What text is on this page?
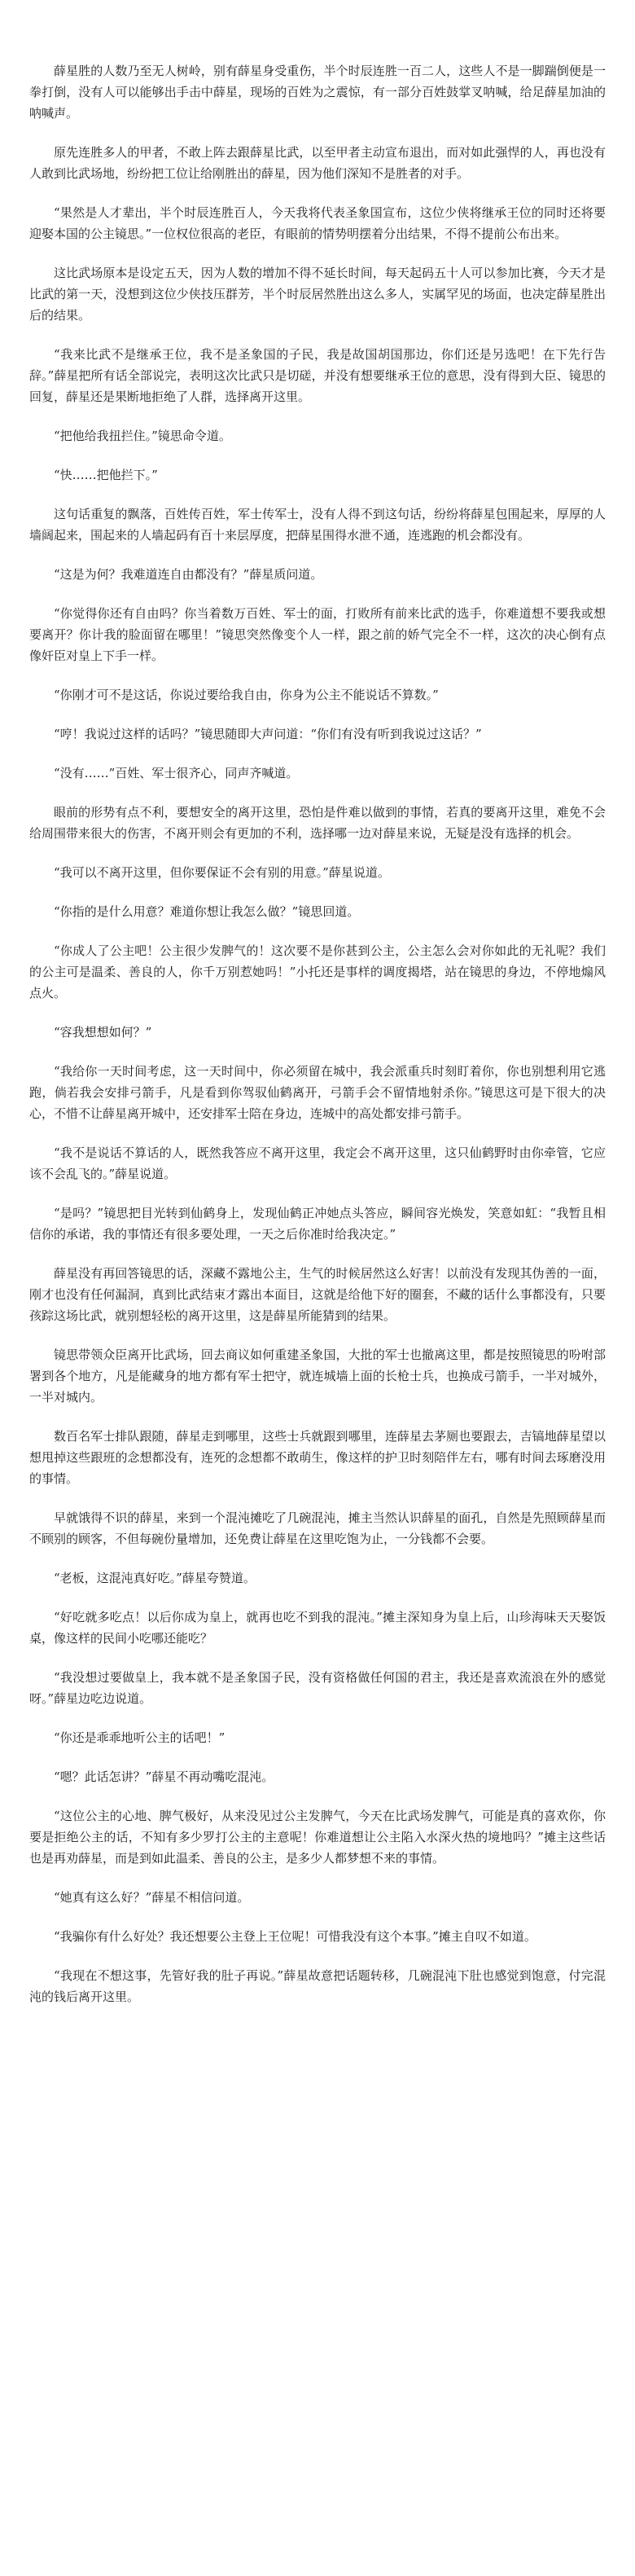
薛星胜的人数乃至无人树岭，别有薛星身受重伤，半个时辰连胜一百二人，这些人不是一脚踹倒便是一拳打倒，没有人可以能够出手击中薛星，现场的百姓为之震惊，有一部分百姓鼓掌叉呐喊，给足薛星加油的呐喊声。

原先连胜多人的甲者，不敢上阵去跟薛星比武，以至甲者主动宣布退出，而对如此强悍的人，再也没有人敢到比武场地，纷纷把工位让给刚胜出的薛星，因为他们深知不是胜者的对手。

“果然是人才辈出，半个时辰连胜百人，今天我将代表圣象国宣布，这位少侠将继承王位的同时还将要迎娶本国的公主镜思。”一位权位很高的老臣，有眼前的情势明摆着分出结果，不得不提前公布出来。

这比武场原本是设定五天，因为人数的增加不得不延长时间，每天起码五十人可以参加比赛，今天才是比武的第一天，没想到这位少侠技压群芳，半个时辰居然胜出这么多人，实属罕见的场面，也决定薛星胜出后的结果。

“我来比武不是继承王位，我不是圣象国的子民，我是故国胡国那边，你们还是另选吧！在下先行告辞。”薛星把所有话全部说完，表明这次比武只是切磋，并没有想要继承王位的意思，没有得到大臣、镜思的回复，薛星还是果断地拒绝了人群，选择离开这里。

“把他给我扭拦住。”镜思命令道。

“快……把他拦下。”

这句话重复的飘落，百姓传百姓，军士传军士，没有人得不到这句话，纷纷将薛星包围起来，厚厚的人墙阔起来，围起来的人墙起码有百十来层厚度，把薛星围得水泄不通，连逃跑的机会都没有。

“这是为何？我难道连自由都没有？”薛星质问道。

“你觉得你还有自由吗？你当着数万百姓、军士的面，打败所有前来比武的选手，你难道想不要我或想要离开？你计我的脸面留在哪里！”镜思突然像变个人一样，跟之前的娇气完全不一样，这次的决心倒有点像奸臣对皇上下手一样。

“你刚才可不是这话，你说过要给我自由，你身为公主不能说话不算数。”

“哼！我说过这样的话吗？”镜思随即大声问道：“你们有没有听到我说过这话？”

“没有……”百姓、军士很齐心，同声齐喊道。

眼前的形势有点不利，要想安全的离开这里，恐怕是件难以做到的事情，若真的要离开这里，难免不会给周围带来很大的伤害，不离开则会有更加的不利，选择哪一边对薛星来说，无疑是没有选择的机会。

“我可以不离开这里，但你要保证不会有别的用意。”薛星说道。

“你指的是什么用意？难道你想让我怎么做？”镜思回道。

“你成人了公主吧！公主很少发脾气的！这次要不是你甚到公主，公主怎么会对你如此的无礼呢？我们的公主可是温柔、善良的人，你千万别惹她吗！”小托还是事样的调度揭塔，站在镜思的身边，不停地煽风点火。

“容我想想如何？”

“我给你一天时间考虑，这一天时间中，你必须留在城中，我会派重兵时刻盯着你，你也别想利用它逃跑，倘若我会安排弓箭手，凡是看到你驾驭仙鹤离开，弓箭手会不留情地射杀你。”镜思这可是下很大的决心，不惜不让薛星离开城中，还安排军士陪在身边，连城中的高处都安排弓箭手。

“我不是说话不算话的人，既然我答应不离开这里，我定会不离开这里，这只仙鹤野时由你牵管，它应该不会乱飞的。”薛星说道。

“是吗？”镜思把目光转到仙鹤身上，发现仙鹤正冲她点头答应，瞬间容光焕发，笑意如虹：“我暂且相信你的承诺，我的事情还有很多要处理，一天之后你准时给我决定。”

薛星没有再回答镜思的话，深藏不露地公主，生气的时候居然这么好害！以前没有发现其伪善的一面，刚才也没有任何漏洞，真到比武结束才露出本面目，这就是给他下好的圈套，不藏的话什么事都没有，只要孩踪这场比武，就别想轻松的离开这里，这是薛星所能猜到的结果。

镜思带领众臣离开比武场，回去商议如何重建圣象国，大批的军士也撤离这里，都是按照镜思的吩咐部署到各个地方，凡是能藏身的地方都有军士把守，就连城墙上面的长枪士兵，也换成弓箭手，一半对城外，一半对城内。

数百名军士排队跟随，薛星走到哪里，这些士兵就跟到哪里，连薛星去茅厕也要跟去，吉镐地薛星望以想甩掉这些跟班的念想都没有，连死的念想都不敢萌生，像这样的护卫时刻陪伴左右，哪有时间去琢磨没用的事情。

早就饿得不识的薛星，来到一个混沌摊吃了几碗混沌，摊主当然认识薛星的面孔，自然是先照顾薛星而不顾别的顾客，不但每碗份量增加，还免费让薛星在这里吃饱为止，一分钱都不会要。

“老板，这混沌真好吃。”薛星夸赞道。

“好吃就多吃点！以后你成为皇上，就再也吃不到我的混沌。”摊主深知身为皇上后，山珍海味天天娶饭桌，像这样的民间小吃哪还能吃？

“我没想过要做皇上，我本就不是圣象国子民，没有资格做任何国的君主，我还是喜欢流浪在外的感觉呀。”薛星边吃边说道。

“你还是乖乖地听公主的话吧！”

“嗯？此话怎讲？”薛星不再动嘴吃混沌。

“这位公主的心地、脾气极好，从来没见过公主发脾气，今天在比武场发脾气，可能是真的喜欢你，你要是拒绝公主的话，不知有多少罗打公主的主意呢！你难道想让公主陷入水深火热的境地吗？”摊主这些话也是再劝薛星，而是到如此温柔、善良的公主，是多少人都梦想不来的事情。

“她真有这么好？”薛星不相信问道。

“我骗你有什么好处？我还想要公主登上王位呢！可惜我没有这个本事。”摊主自叹不如道。

“我现在不想这事，先管好我的肚子再说。”薛星故意把话题转移，几碗混沌下肚也感觉到饱意，付完混沌的钱后离开这里。
